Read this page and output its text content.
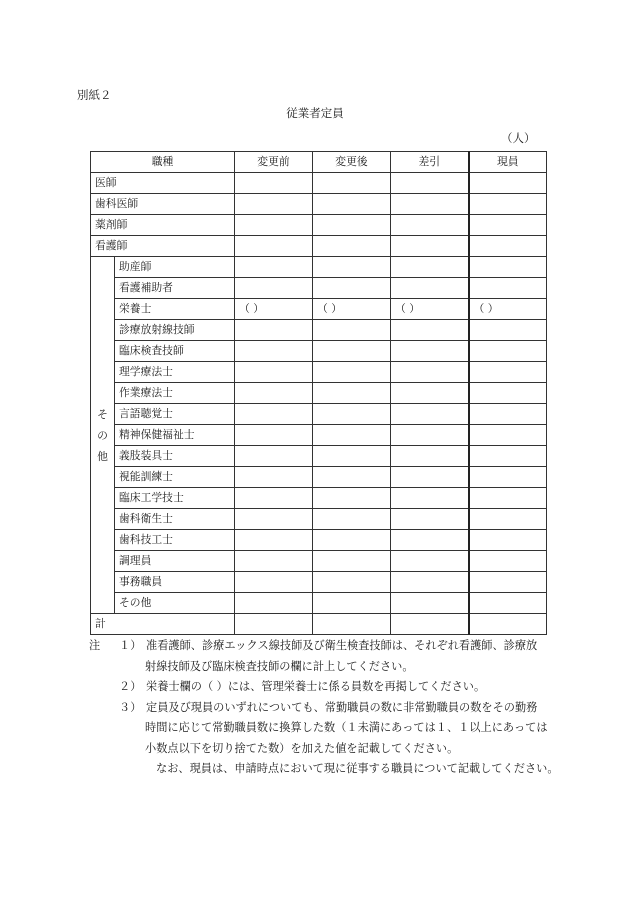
別紙２
従業者定員
（人）
職種		変更前	変更後	差引	現員
医師					
歯科医師					
薬剤師					
看護師					

そ
の
他	助産師				
	看護補助者				
	栄養士	（ ）	（ ）	（ ）	（ ）
	診療放射線技師				
	臨床検査技師				
	理学療法士				
	作業療法士				
	言語聴覚士				
	精神保健福祉士				
	義肢装具士				
	視能訓練士				
	臨床工学技士				
	歯科衛生士				
	歯科技工士				
	調理員				
	事務職員				
	その他				
計					
注	１） 准看護師、診療エックス線技師及び衛生検査技師は、それぞれ看護師、診療放
射線技師及び臨床検査技師の欄に計上してください。
２） 栄養士欄の（ ）には、管理栄養士に係る員数を再掲してください。
３） 定員及び現員のいずれについても、常勤職員の数に非常勤職員の数をその勤務
時間に応じて常勤職員数に換算した数（１未満にあっては１、１以上にあっては
小数点以下を切り捨てた数）を加えた値を記載してください。
なお、現員は、申請時点において現に従事する職員について記載してください。
